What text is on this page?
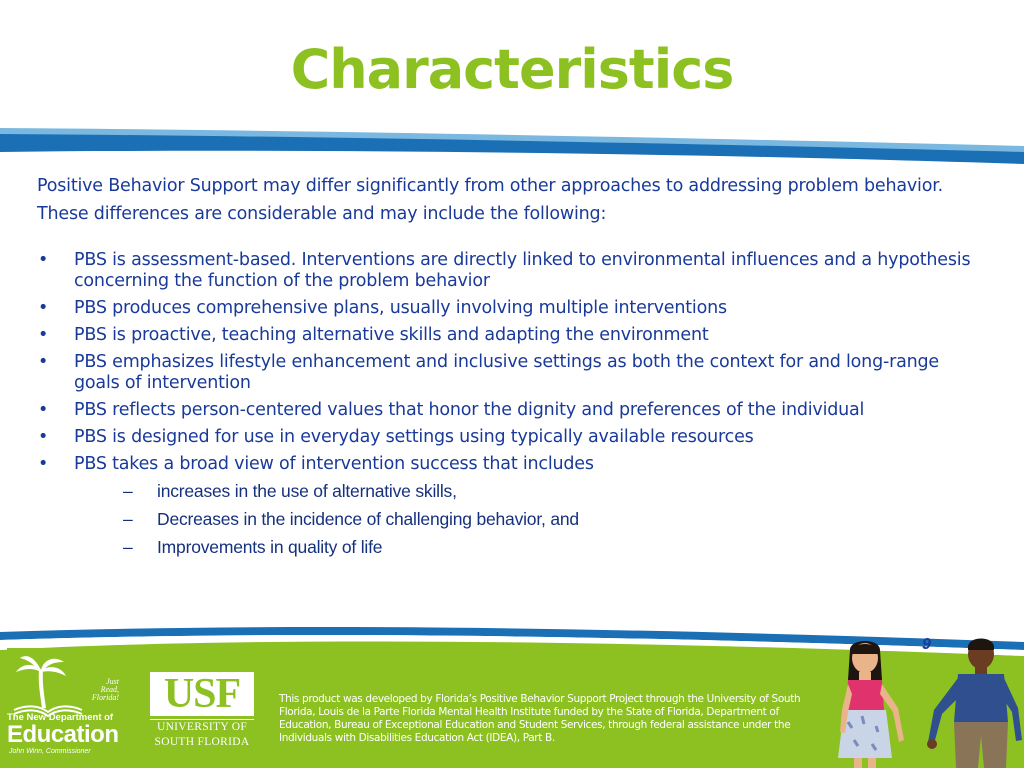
Characteristics

Positive Behavior Support may differ significantly from other approaches to addressing problem behavior. These differences are considerable and may include the following:

• PBS is assessment-based. Interventions are directly linked to environmental influences and a hypothesis concerning the function of the problem behavior
• PBS produces comprehensive plans, usually involving multiple interventions
• PBS is proactive, teaching alternative skills and adapting the environment
• PBS emphasizes lifestyle enhancement and inclusive settings as both the context for and long-range goals of intervention
• PBS reflects person-centered values that honor the dignity and preferences of the individual
• PBS is designed for use in everyday settings using typically available resources
• PBS takes a broad view of intervention success that includes
– increases in the use of alternative skills,
– Decreases in the incidence of challenging behavior, and
– Improvements in quality of life
9
Just
Read,
Florida!
The New Department of
Education
John Winn, Commissioner
USF
UNIVERSITY OF
SOUTH FLORIDA
This product was developed by Florida’s Positive Behavior Support Project through the University of South Florida, Louis de la Parte Florida Mental Health Institute funded by the State of Florida, Department of Education, Bureau of Exceptional Education and Student Services, through federal assistance under the Individuals with Disabilities Education Act (IDEA), Part B.
